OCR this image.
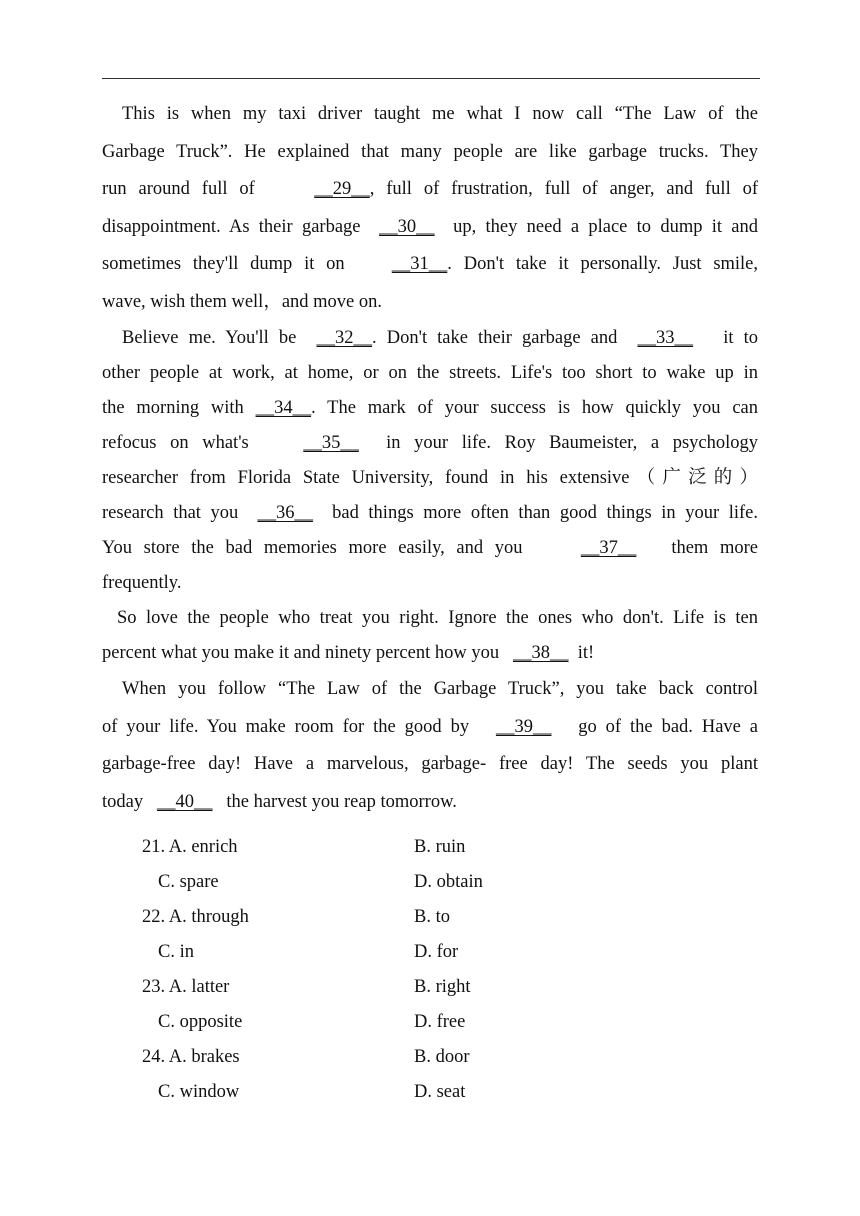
This is when my taxi driver taught me what I now call “The Law of the
Garbage Truck”. He explained that many people are like garbage trucks. They
run around full of	__29__, full of frustration, full of anger, and full of
disappointment. As their garbage __30__ up, they need a place to dump it and
sometimes they'll dump it on	__31__. Don't take it personally. Just smile,
wave, wish them well，and move on.
Believe me. You'll be __32__. Don't take their garbage and __33__ it to
other people at work, at home, or on the streets. Life's too short to wake up in
the morning with __34__. The mark of your success is how quickly you can
refocus on what's	__35__ in your life. Roy Baumeister, a psychology
researcher from Florida State University, found in his extensive（广泛的）
research that you __36__ bad things more often than good things in your life.
You store the bad memories more easily, and you	__37__ them more
frequently.
So love the people who treat you right. Ignore the ones who don't. Life is ten
percent what you make it and ninety percent how you __38__ it!
When you follow “The Law of the Garbage Truck”, you take back control
of your life. You make room for the good by __39__ go of the bad. Have a
garbage-free day! Have a marvelous, garbage- free day! The seeds you plant
today __40__ the harvest you reap tomorrow.
21. A. enrich	B. ruin
C. spare	D. obtain
22. A. through	B. to
C. in	D. for
23. A. latter	B. right
C. opposite	D. free
24. A. brakes	B. door
C. window	D. seat
